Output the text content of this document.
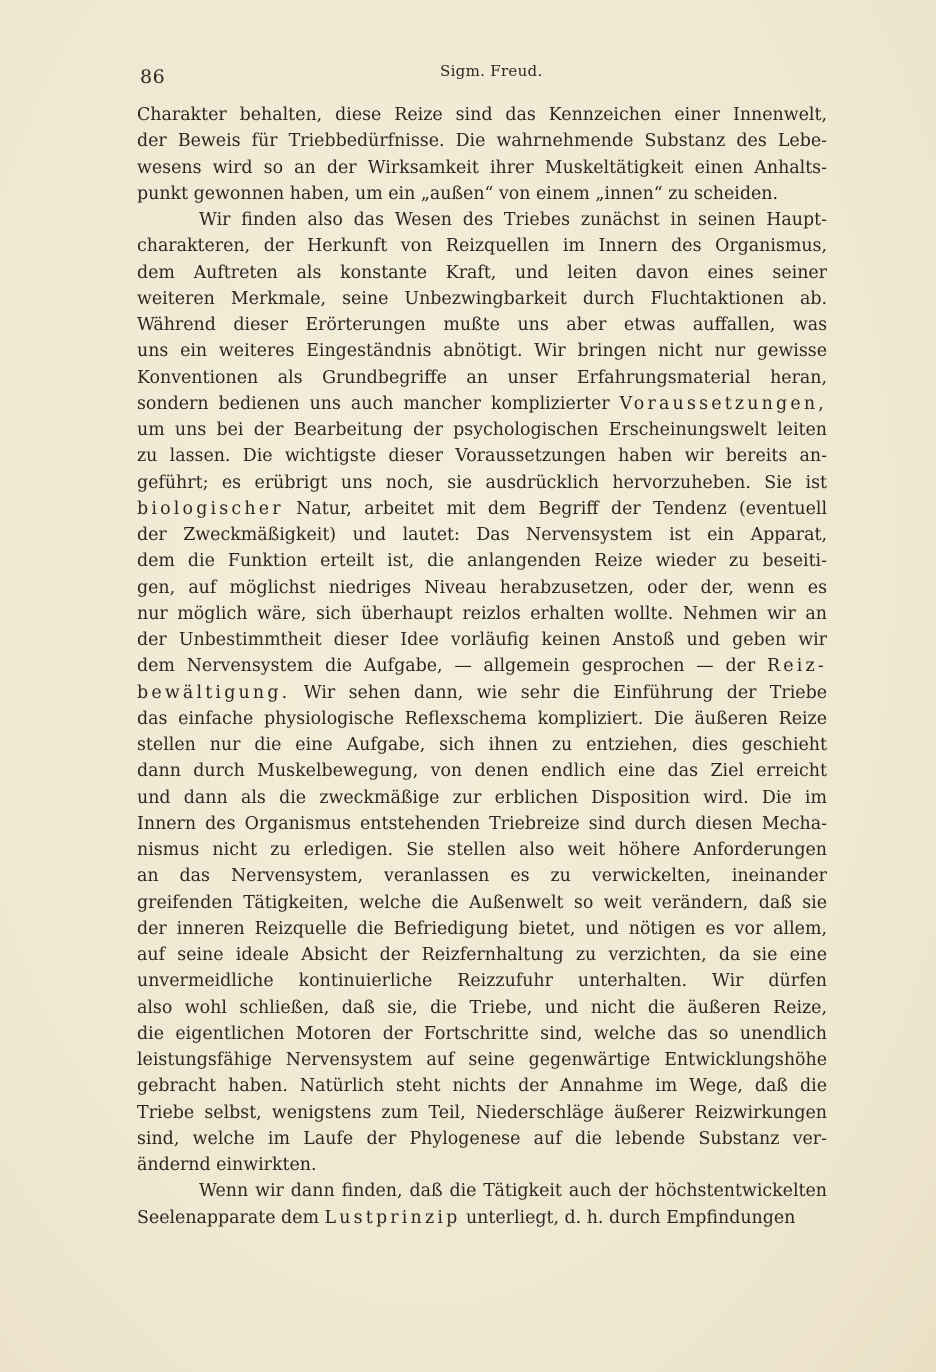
86	Sigm. Freud.
Charakter behalten, diese Reize sind das Kennzeichen einer Innenwelt,
der Beweis für Triebbedürfnisse. Die wahrnehmende Substanz des Lebe-
wesens wird so an der Wirksamkeit ihrer Muskeltätigkeit einen Anhalts-
punkt gewonnen haben, um ein „außen“ von einem „innen“ zu scheiden.
Wir finden also das Wesen des Triebes zunächst in seinen Haupt-
charakteren, der Herkunft von Reizquellen im Innern des Organismus,
dem Auftreten als konstante Kraft, und leiten davon eines seiner
weiteren Merkmale, seine Unbezwingbarkeit durch Fluchtaktionen ab.
Während dieser Erörterungen mußte uns aber etwas auffallen, was
uns ein weiteres Eingeständnis abnötigt. Wir bringen nicht nur gewisse
Konventionen als Grundbegriffe an unser Erfahrungsmaterial heran,
sondern bedienen uns auch mancher komplizierter Voraussetzungen,
um uns bei der Bearbeitung der psychologischen Erscheinungswelt leiten
zu lassen. Die wichtigste dieser Voraussetzungen haben wir bereits an-
geführt; es erübrigt uns noch, sie ausdrücklich hervorzuheben. Sie ist
biologischer Natur, arbeitet mit dem Begriff der Tendenz (eventuell
der Zweckmäßigkeit) und lautet: Das Nervensystem ist ein Apparat,
dem die Funktion erteilt ist, die anlangenden Reize wieder zu beseiti-
gen, auf möglichst niedriges Niveau herabzusetzen, oder der, wenn es
nur möglich wäre, sich überhaupt reizlos erhalten wollte. Nehmen wir an
der Unbestimmtheit dieser Idee vorläufig keinen Anstoß und geben wir
dem Nervensystem die Aufgabe, — allgemein gesprochen — der Reiz-
bewältigung. Wir sehen dann, wie sehr die Einführung der Triebe
das einfache physiologische Reflexschema kompliziert. Die äußeren Reize
stellen nur die eine Aufgabe, sich ihnen zu entziehen, dies geschieht
dann durch Muskelbewegung, von denen endlich eine das Ziel erreicht
und dann als die zweckmäßige zur erblichen Disposition wird. Die im
Innern des Organismus entstehenden Triebreize sind durch diesen Mecha-
nismus nicht zu erledigen. Sie stellen also weit höhere Anforderungen
an das Nervensystem, veranlassen es zu verwickelten, ineinander
greifenden Tätigkeiten, welche die Außenwelt so weit verändern, daß sie
der inneren Reizquelle die Befriedigung bietet, und nötigen es vor allem,
auf seine ideale Absicht der Reizfernhaltung zu verzichten, da sie eine
unvermeidliche kontinuierliche Reizzufuhr unterhalten. Wir dürfen
also wohl schließen, daß sie, die Triebe, und nicht die äußeren Reize,
die eigentlichen Motoren der Fortschritte sind, welche das so unendlich
leistungsfähige Nervensystem auf seine gegenwärtige Entwicklungshöhe
gebracht haben. Natürlich steht nichts der Annahme im Wege, daß die
Triebe selbst, wenigstens zum Teil, Niederschläge äußerer Reizwirkungen
sind, welche im Laufe der Phylogenese auf die lebende Substanz ver-
ändernd einwirkten.
Wenn wir dann finden, daß die Tätigkeit auch der höchstentwickelten
Seelenapparate dem Lustprinzip unterliegt, d. h. durch Empfindungen
